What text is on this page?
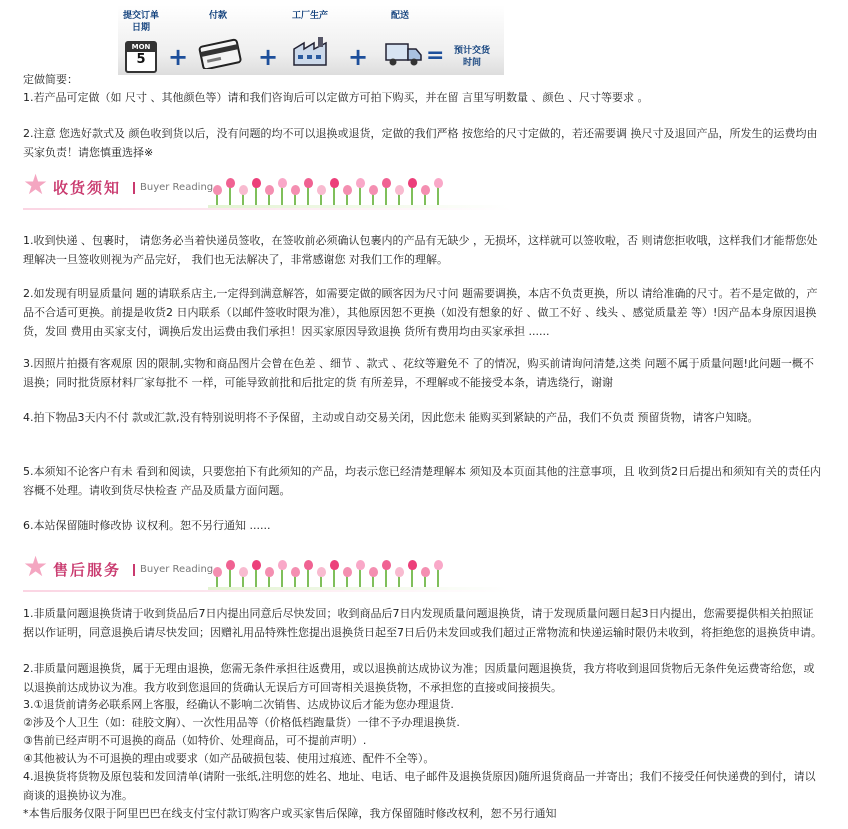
提交订单
日期
MON
5 +
付款
+
工厂生产
+
配送
=	预计交货
时间
定做简要：
1.若产品可定做（如 尺寸 、其他颜色等）请和我们咨询后可以定做方可拍下购买，并在留 言里写明数量 、颜色 、尺寸等要求 。
2.注意 您选好款式及 颜色收到货以后，没有问题的均不可以退换或退货，定做的我们严格 按您给的尺寸定做的，若还需要调 换尺寸及退回产品，所发生的运费均由买家负责！请您慎重选择※
★ 收货须知	Buyer Reading
1.收到快递 、包裹时， 请您务必当着快递员签收，在签收前必须确认包裹内的产品有无缺少 ，无损坏，这样就可以签收啦，否 则请您拒收哦，这样我们才能帮您处理解决一旦签收则视为产品完好， 我们也无法解决了，非常感谢您 对我们工作的理解。
2.如发现有明显质量问 题的请联系店主,一定得到满意解答，如需要定做的顾客因为尺寸问 题需要调换，本店不负责更换，所以 请给准确的尺寸。若不是定做的，产品不合适可更换。前提是收货2 日内联系（以邮件签收时限为准），其他原因恕不更换（如没有想象的好 、做工不好 、线头 、感觉质量差 等）!因产品本身原因退换货，发回 费用由买家支付，调换后发出运费由我们承担！因买家原因导致退换 货所有费用均由买家承担 ......
3.因照片拍摄有客观原 因的限制,实物和商品图片会曾在色差 、细节 、款式 、花纹等避免不 了的情况，购买前请询问清楚,这类 问题不属于质量问题!此问题一概不退换；同时批货原材料厂家每批不 一样，可能导致前批和后批定的货 有所差异，不理解或不能接受本条，请选绕行，谢谢
4.拍下物品3天内不付 款或汇款,没有特别说明将不予保留，主动或自动交易关闭，因此您未 能购买到紧缺的产品，我们不负责 预留货物，请客户知晓。
5.本须知不论客户有未 看到和阅读，只要您拍下有此须知的产品，均表示您已经清楚理解本 须知及本页面其他的注意事项，且 收到货2日后提出和须知有关的责任内容概不处理。请收到货尽快检查 产品及质量方面问题。
6.本站保留随时修改协 议权利。恕不另行通知 ......
★ 售后服务	Buyer Reading
1.非质量问题退换货请于收到货品后7日内提出同意后尽快发回；收到商品后7日内发现质量问题退换货，请于发现质量问题日起3日内提出，您需要提供相关拍照证据以作证明，同意退换后请尽快发回；因赠礼用品特殊性您提出退换货日起至7日后仍未发回或我们超过正常物流和快递运输时限仍未收到，将拒绝您的退换货申请。
2.非质量问题退换货，属于无理由退换，您需无条件承担往返费用，或以退换前达成协议为准；因质量问题退换货，我方将收到退回货物后无条件免运费寄给您，或以退换前达成协议为准。我方收到您退回的货确认无误后方可回寄相关退换货物，不承担您的直接或间接损失。
3.①退货前请务必联系网上客服，经确认不影响二次销售、达成协议后才能为您办理退货.
②涉及个人卫生（如：硅胶文胸）、一次性用品等（价格低档跑量货）一律不予办理退换货.
③售前已经声明不可退换的商品（如特价、处理商品，可不提前声明）.
④其他被认为不可退换的理由或要求（如产品破损包装、使用过痕迹、配件不全等）。
4.退换货将货物及原包装和发回清单(请附一张纸,注明您的姓名、地址、电话、电子邮件及退换货原因)随所退货商品一并寄出；我们不接受任何快递费的到付，请以商谈的退换协议为准。
*本售后服务仅限于阿里巴巴在线支付宝付款订购客户或买家售后保障，我方保留随时修改权利，恕不另行通知
